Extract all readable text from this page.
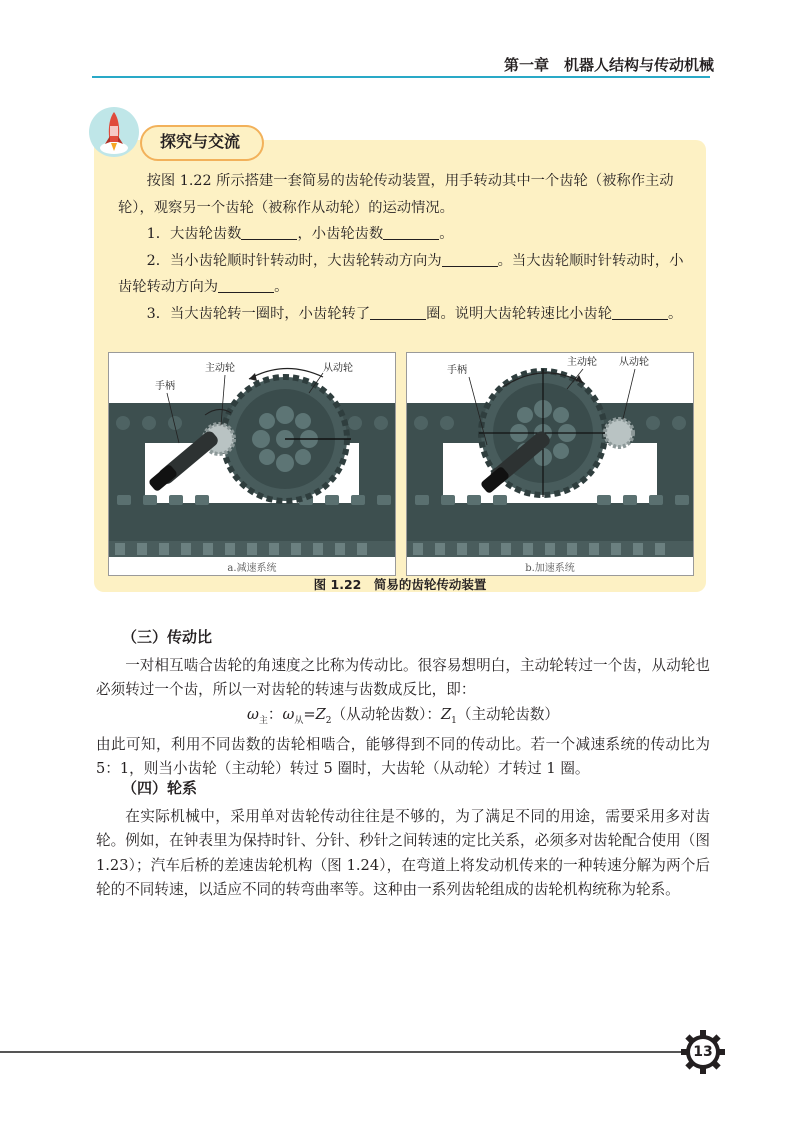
第一章　机器人结构与传动机械
探究与交流

按图 1.22 所示搭建一套简易的齿轮传动装置，用手转动其中一个齿轮（被称作主动轮），观察另一个齿轮（被称作从动轮）的运动情况。

1．大齿轮齿数	，小齿轮齿数	。

2．当小齿轮顺时针转动时，大齿轮转动方向为	。当大齿轮顺时针转动时，小齿轮转动方向为	。

3．当大齿轮转一圈时，小齿轮转了	圈。说明大齿轮转速比小齿轮	。

手柄
主动轮	从动轮
a.减速系统
手柄
主动轮 从动轮
b.加速系统
图 1.22　简易的齿轮传动装置
（三）传动比

一对相互啮合齿轮的角速度之比称为传动比。很容易想明白，主动轮转过一个齿，从动轮也必须转过一个齿，所以一对齿轮的转速与齿数成反比，即：

$\omega_主$：$\omega_从=Z_2$（从动轮齿数）：$Z_1$（主动轮齿数）

由此可知，利用不同齿数的齿轮相啮合，能够得到不同的传动比。若一个减速系统的传动比为 5：1，则当小齿轮（主动轮）转过 5 圈时，大齿轮（从动轮）才转过 1 圈。

（四）轮系

在实际机械中，采用单对齿轮传动往往是不够的，为了满足不同的用途，需要采用多对齿轮。例如，在钟表里为保持时针、分针、秒针之间转速的定比关系，必须多对齿轮配合使用（图 1.23）；汽车后桥的差速齿轮机构（图 1.24），在弯道上将发动机传来的一种转速分解为两个后轮的不同转速，以适应不同的转弯曲率等。这种由一系列齿轮组成的齿轮机构统称为轮系。

13
